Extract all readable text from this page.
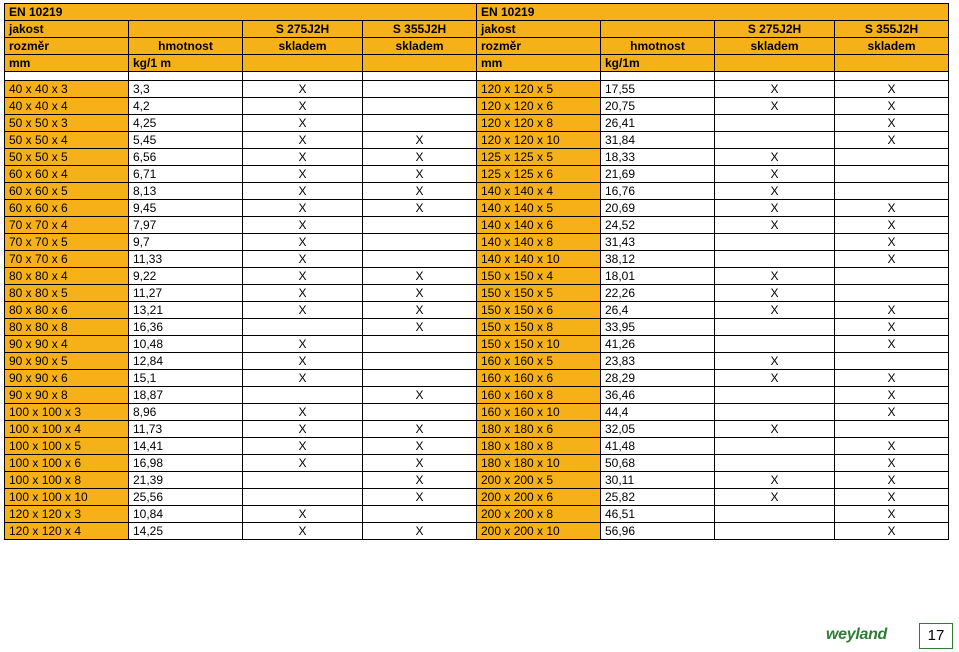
EN 10219				EN 10219			
jakost		S 275J2H	S 355J2H	jakost		S 275J2H	S 355J2H
rozměr	hmotnost	skladem	skladem	rozměr	hmotnost	skladem	skladem
mm	kg/1 m			mm	kg/1m		

40 x 40 x 3	3,3	X		120 x 120 x 5	17,55	X	X
40 x 40 x 4	4,2	X		120 x 120 x 6	20,75	X	X
50 x 50 x 3	4,25	X		120 x 120 x 8	26,41		X
50 x 50 x 4	5,45	X	X	120 x 120 x 10	31,84		X
50 x 50 x 5	6,56	X	X	125 x 125 x 5	18,33	X	
60 x 60 x 4	6,71	X	X	125 x 125 x 6	21,69	X	
60 x 60 x 5	8,13	X	X	140 x 140 x 4	16,76	X	
60 x 60 x 6	9,45	X	X	140 x 140 x 5	20,69	X	X
70 x 70 x 4	7,97	X		140 x 140 x 6	24,52	X	X
70 x 70 x 5	9,7	X		140 x 140 x 8	31,43		X
70 x 70 x 6	11,33	X		140 x 140 x 10	38,12		X
80 x 80 x 4	9,22	X	X	150 x 150 x 4	18,01	X	
80 x 80 x 5	11,27	X	X	150 x 150 x 5	22,26	X	
80 x 80 x 6	13,21	X	X	150 x 150 x 6	26,4	X	X
80 x 80 x 8	16,36		X	150 x 150 x 8	33,95		X
90 x 90 x 4	10,48	X		150 x 150 x 10	41,26		X
90 x 90 x 5	12,84	X		160 x 160 x 5	23,83	X	
90 x 90 x 6	15,1	X		160 x 160 x 6	28,29	X	X
90 x 90 x 8	18,87		X	160 x 160 x 8	36,46		X
100 x 100 x 3	8,96	X		160 x 160 x 10	44,4		X
100 x 100 x 4	11,73	X	X	180 x 180 x 6	32,05	X	
100 x 100 x 5	14,41	X	X	180 x 180 x 8	41,48		X
100 x 100 x 6	16,98	X	X	180 x 180 x 10	50,68		X
100 x 100 x 8	21,39		X	200 x 200 x 5	30,11	X	X
100 x 100 x 10	25,56		X	200 x 200 x 6	25,82	X	X
120 x 120 x 3	10,84	X		200 x 200 x 8	46,51		X
120 x 120 x 4	14,25	X	X	200 x 200 x 10	56,96		X
weyland	17
